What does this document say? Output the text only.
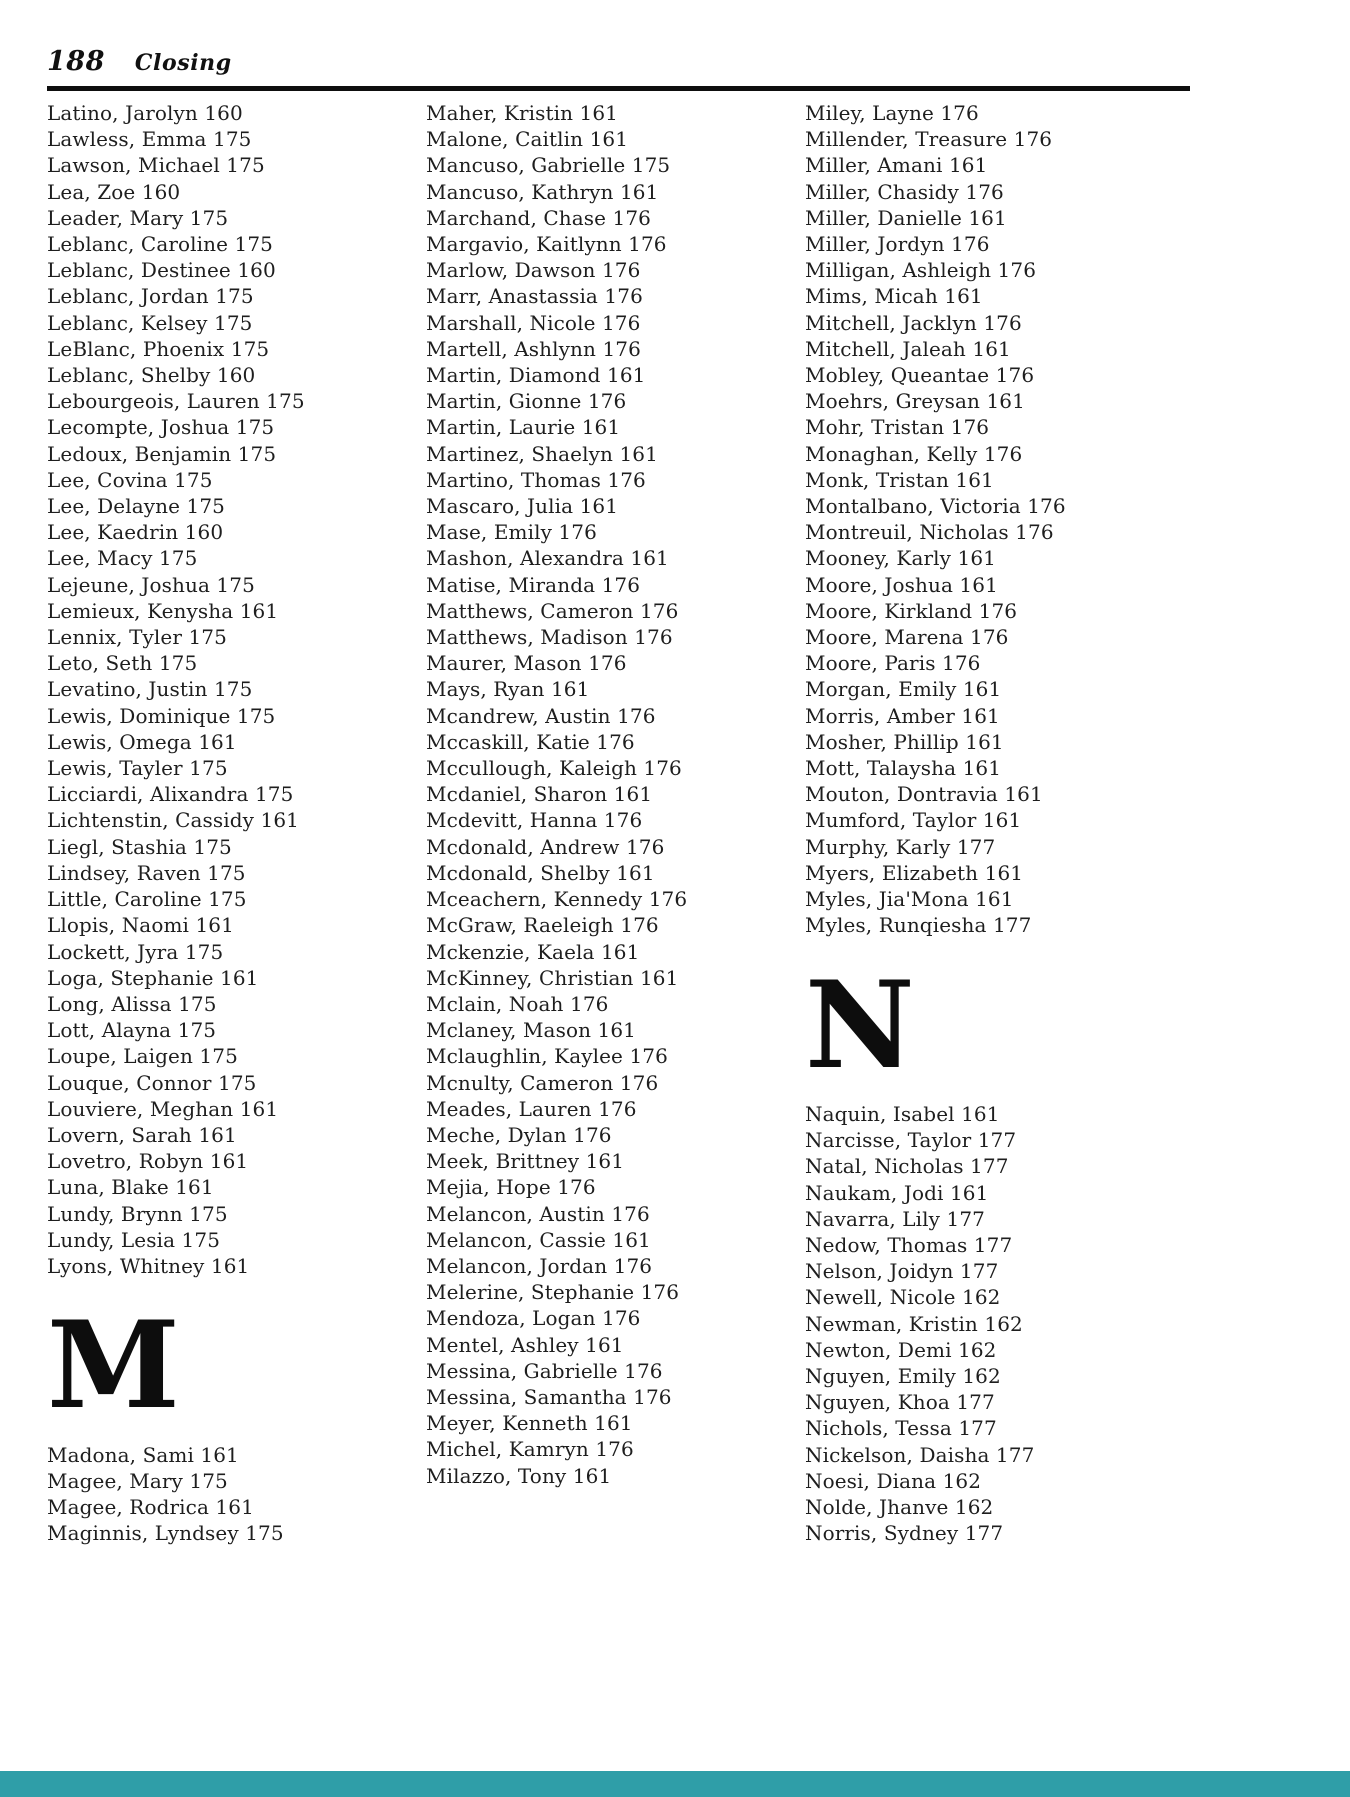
188 Closing
Latino, Jarolyn 160
Lawless, Emma 175
Lawson, Michael 175
Lea, Zoe 160
Leader, Mary 175
Leblanc, Caroline 175
Leblanc, Destinee 160
Leblanc, Jordan 175
Leblanc, Kelsey 175
LeBlanc, Phoenix 175
Leblanc, Shelby 160
Lebourgeois, Lauren 175
Lecompte, Joshua 175
Ledoux, Benjamin 175
Lee, Covina 175
Lee, Delayne 175
Lee, Kaedrin 160
Lee, Macy 175
Lejeune, Joshua 175
Lemieux, Kenysha 161
Lennix, Tyler 175
Leto, Seth 175
Levatino, Justin 175
Lewis, Dominique 175
Lewis, Omega 161
Lewis, Tayler 175
Licciardi, Alixandra 175
Lichtenstin, Cassidy 161
Liegl, Stashia 175
Lindsey, Raven 175
Little, Caroline 175
Llopis, Naomi 161
Lockett, Jyra 175
Loga, Stephanie 161
Long, Alissa 175
Lott, Alayna 175
Loupe, Laigen 175
Louque, Connor 175
Louviere, Meghan 161
Lovern, Sarah 161
Lovetro, Robyn 161
Luna, Blake 161
Lundy, Brynn 175
Lundy, Lesia 175
Lyons, Whitney 161
M
Madona, Sami 161
Magee, Mary 175
Magee, Rodrica 161
Maginnis, Lyndsey 175
Maher, Kristin 161
Malone, Caitlin 161
Mancuso, Gabrielle 175
Mancuso, Kathryn 161
Marchand, Chase 176
Margavio, Kaitlynn 176
Marlow, Dawson 176
Marr, Anastassia 176
Marshall, Nicole 176
Martell, Ashlynn 176
Martin, Diamond 161
Martin, Gionne 176
Martin, Laurie 161
Martinez, Shaelyn 161
Martino, Thomas 176
Mascaro, Julia 161
Mase, Emily 176
Mashon, Alexandra 161
Matise, Miranda 176
Matthews, Cameron 176
Matthews, Madison 176
Maurer, Mason 176
Mays, Ryan 161
Mcandrew, Austin 176
Mccaskill, Katie 176
Mccullough, Kaleigh 176
Mcdaniel, Sharon 161
Mcdevitt, Hanna 176
Mcdonald, Andrew 176
Mcdonald, Shelby 161
Mceachern, Kennedy 176
McGraw, Raeleigh 176
Mckenzie, Kaela 161
McKinney, Christian 161
Mclain, Noah 176
Mclaney, Mason 161
Mclaughlin, Kaylee 176
Mcnulty, Cameron 176
Meades, Lauren 176
Meche, Dylan 176
Meek, Brittney 161
Mejia, Hope 176
Melancon, Austin 176
Melancon, Cassie 161
Melancon, Jordan 176
Melerine, Stephanie 176
Mendoza, Logan 176
Mentel, Ashley 161
Messina, Gabrielle 176
Messina, Samantha 176
Meyer, Kenneth 161
Michel, Kamryn 176
Milazzo, Tony 161
Miley, Layne 176
Millender, Treasure 176
Miller, Amani 161
Miller, Chasidy 176
Miller, Danielle 161
Miller, Jordyn 176
Milligan, Ashleigh 176
Mims, Micah 161
Mitchell, Jacklyn 176
Mitchell, Jaleah 161
Mobley, Queantae 176
Moehrs, Greysan 161
Mohr, Tristan 176
Monaghan, Kelly 176
Monk, Tristan 161
Montalbano, Victoria 176
Montreuil, Nicholas 176
Mooney, Karly 161
Moore, Joshua 161
Moore, Kirkland 176
Moore, Marena 176
Moore, Paris 176
Morgan, Emily 161
Morris, Amber 161
Mosher, Phillip 161
Mott, Talaysha 161
Mouton, Dontravia 161
Mumford, Taylor 161
Murphy, Karly 177
Myers, Elizabeth 161
Myles, Jia'Mona 161
Myles, Runqiesha 177
N
Naquin, Isabel 161
Narcisse, Taylor 177
Natal, Nicholas 177
Naukam, Jodi 161
Navarra, Lily 177
Nedow, Thomas 177
Nelson, Joidyn 177
Newell, Nicole 162
Newman, Kristin 162
Newton, Demi 162
Nguyen, Emily 162
Nguyen, Khoa 177
Nichols, Tessa 177
Nickelson, Daisha 177
Noesi, Diana 162
Nolde, Jhanve 162
Norris, Sydney 177
